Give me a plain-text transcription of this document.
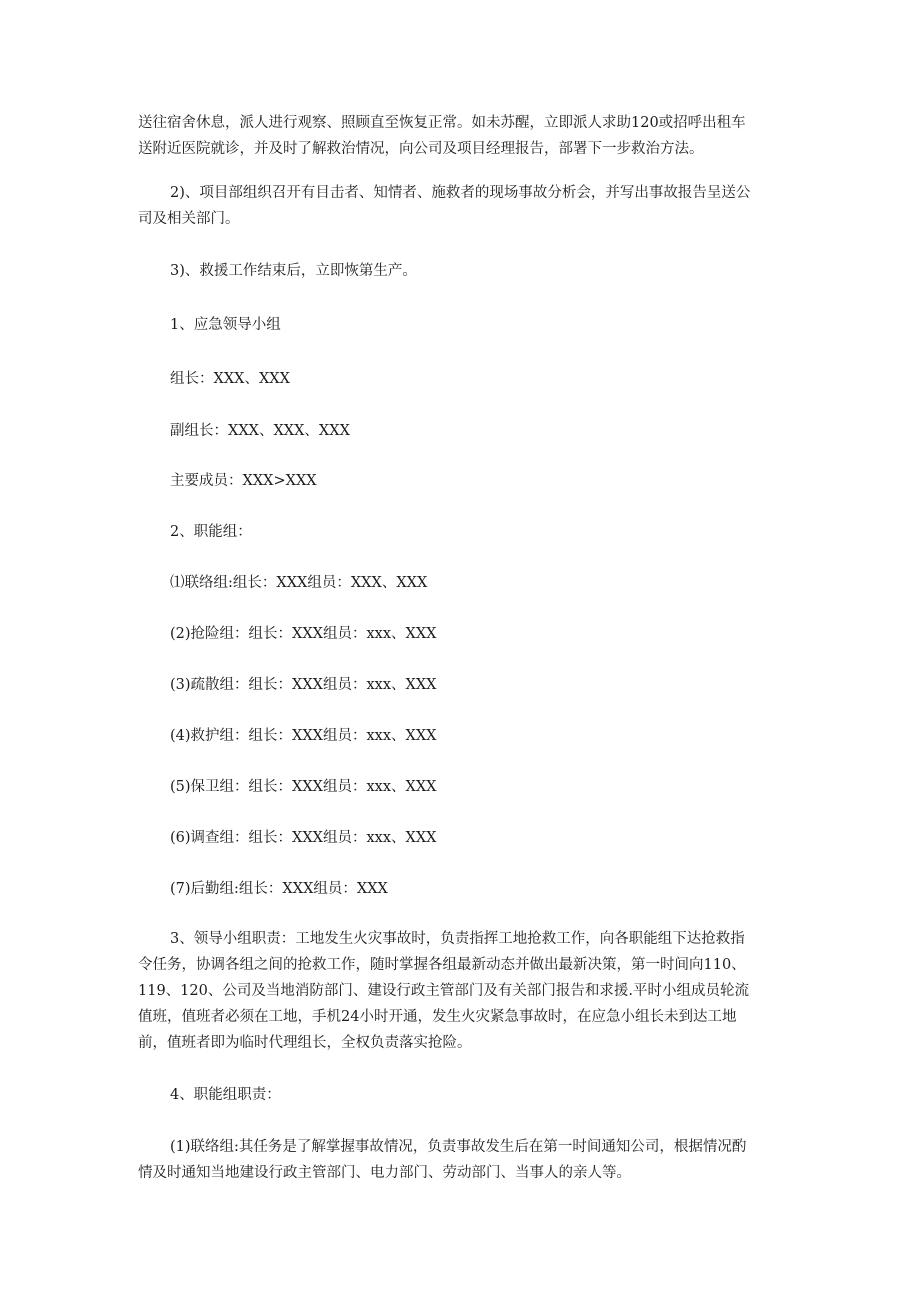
送往宿舍休息，派人进行观察、照顾直至恢复正常。如未苏醒，立即派人求助120或招呼出租车
送附近医院就诊，并及时了解救治情况，向公司及项目经理报告，部署下一步救治方法。
2)、项目部组织召开有目击者、知情者、施救者的现场事故分析会，并写出事故报告呈送公
司及相关部门。
3)、救援工作结束后，立即恢第生产。
1、应急领导小组
组长：XXX、XXX
副组长：XXX、XXX、XXX
主要成员：XXX>XXX
2、职能组：
⑴联络组:组长：XXX组员：XXX、XXX
(2)抢险组：组长：XXX组员：xxx、XXX
(3)疏散组：组长：XXX组员：xxx、XXX
(4)救护组：组长：XXX组员：xxx、XXX
(5)保卫组：组长：XXX组员：xxx、XXX
(6)调查组：组长：XXX组员：xxx、XXX
(7)后勤组:组长：XXX组员：XXX
3、领导小组职责：工地发生火灾事故时，负责指挥工地抢救工作，向各职能组下达抢救指
令任务，协调各组之间的抢救工作，随时掌握各组最新动态并做出最新决策，第一时间向110、
119、120、公司及当地消防部门、建设行政主管部门及有关部门报告和求援.平时小组成员轮流
值班，值班者必须在工地，手机24小时开通，发生火灾紧急事故时，在应急小组长未到达工地
前，值班者即为临时代理组长，全权负责落实抢险。
4、职能组职责：
(1)联络组:其任务是了解掌握事故情况，负责事故发生后在第一时间通知公司，根据情况酌
情及时通知当地建设行政主管部门、电力部门、劳动部门、当事人的亲人等。
